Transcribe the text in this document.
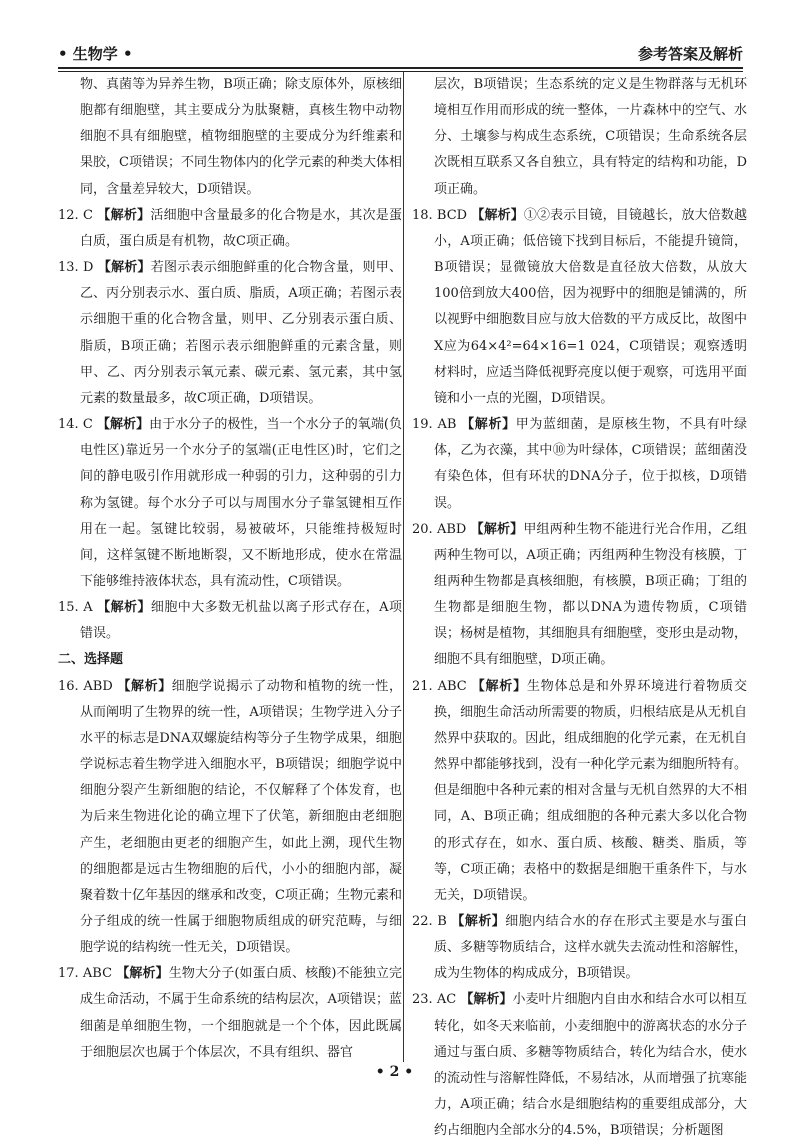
• 生物学 •	参考答案及解析

物、真菌等为异养生物，B项正确；除支原体外，原核细胞都有细胞壁，其主要成分为肽聚糖，真核生物中动物细胞不具有细胞壁，植物细胞壁的主要成分为纤维素和果胶，C项错误；不同生物体内的化学元素的种类大体相同，含量差异较大，D项错误。

12. C 【解析】活细胞中含量最多的化合物是水，其次是蛋白质，蛋白质是有机物，故C项正确。

13. D 【解析】若图示表示细胞鲜重的化合物含量，则甲、乙、丙分别表示水、蛋白质、脂质，A项正确；若图示表示细胞干重的化合物含量，则甲、乙分别表示蛋白质、脂质，B项正确；若图示表示细胞鲜重的元素含量，则甲、乙、丙分别表示氧元素、碳元素、氢元素，其中氢元素的数量最多，故C项正确，D项错误。

14. C 【解析】由于水分子的极性，当一个水分子的氧端(负电性区)靠近另一个水分子的氢端(正电性区)时，它们之间的静电吸引作用就形成一种弱的引力，这种弱的引力称为氢键。每个水分子可以与周围水分子靠氢键相互作用在一起。氢键比较弱，易被破坏，只能维持极短时间，这样氢键不断地断裂，又不断地形成，使水在常温下能够维持液体状态，具有流动性，C项错误。

15. A 【解析】细胞中大多数无机盐以离子形式存在，A项错误。

二、选择题

16. ABD 【解析】细胞学说揭示了动物和植物的统一性，从而阐明了生物界的统一性，A项错误；生物学进入分子水平的标志是DNA双螺旋结构等分子生物学成果，细胞学说标志着生物学进入细胞水平，B项错误；细胞学说中细胞分裂产生新细胞的结论，不仅解释了个体发育，也为后来生物进化论的确立埋下了伏笔，新细胞由老细胞产生，老细胞由更老的细胞产生，如此上溯，现代生物的细胞都是远古生物细胞的后代，小小的细胞内部，凝聚着数十亿年基因的继承和改变，C项正确；生物元素和分子组成的统一性属于细胞物质组成的研究范畴，与细胞学说的结构统一性无关，D项错误。

17. ABC 【解析】生物大分子(如蛋白质、核酸)不能独立完成生命活动，不属于生命系统的结构层次，A项错误；蓝细菌是单细胞生物，一个细胞就是一个个体，因此既属于细胞层次也属于个体层次，不具有组织、器官

层次，B项错误；生态系统的定义是生物群落与无机环境相互作用而形成的统一整体，一片森林中的空气、水分、土壤参与构成生态系统，C项错误；生命系统各层次既相互联系又各自独立，具有特定的结构和功能，D项正确。

18. BCD 【解析】①②表示目镜，目镜越长，放大倍数越小，A项正确；低倍镜下找到目标后，不能提升镜筒，B项错误；显微镜放大倍数是直径放大倍数，从放大100倍到放大400倍，因为视野中的细胞是铺满的，所以视野中细胞数目应与放大倍数的平方成反比，故图中X应为64×4²=64×16=1 024，C项错误；观察透明材料时，应适当降低视野亮度以便于观察，可选用平面镜和小一点的光圈，D项错误。

19. AB 【解析】甲为蓝细菌，是原核生物，不具有叶绿体，乙为衣藻，其中⑩为叶绿体，C项错误；蓝细菌没有染色体，但有环状的DNA分子，位于拟核，D项错误。

20. ABD 【解析】甲组两种生物不能进行光合作用，乙组两种生物可以，A项正确；丙组两种生物没有核膜，丁组两种生物都是真核细胞，有核膜，B项正确；丁组的生物都是细胞生物，都以DNA为遗传物质，C项错误；杨树是植物，其细胞具有细胞壁，变形虫是动物，细胞不具有细胞壁，D项正确。

21. ABC 【解析】生物体总是和外界环境进行着物质交换，细胞生命活动所需要的物质，归根结底是从无机自然界中获取的。因此，组成细胞的化学元素，在无机自然界中都能够找到，没有一种化学元素为细胞所特有。但是细胞中各种元素的相对含量与无机自然界的大不相同，A、B项正确；组成细胞的各种元素大多以化合物的形式存在，如水、蛋白质、核酸、糖类、脂质，等等，C项正确；表格中的数据是细胞干重条件下，与水无关，D项错误。

22. B 【解析】细胞内结合水的存在形式主要是水与蛋白质、多糖等物质结合，这样水就失去流动性和溶解性，成为生物体的构成成分，B项错误。

23. AC 【解析】小麦叶片细胞内自由水和结合水可以相互转化，如冬天来临前，小麦细胞中的游离状态的水分子通过与蛋白质、多糖等物质结合，转化为结合水，使水的流动性与溶解性降低，不易结冰，从而增强了抗寒能力，A项正确；结合水是细胞结构的重要组成部分，大约占细胞内全部水分的4.5%，B项错误；分析题图

• 2 •
